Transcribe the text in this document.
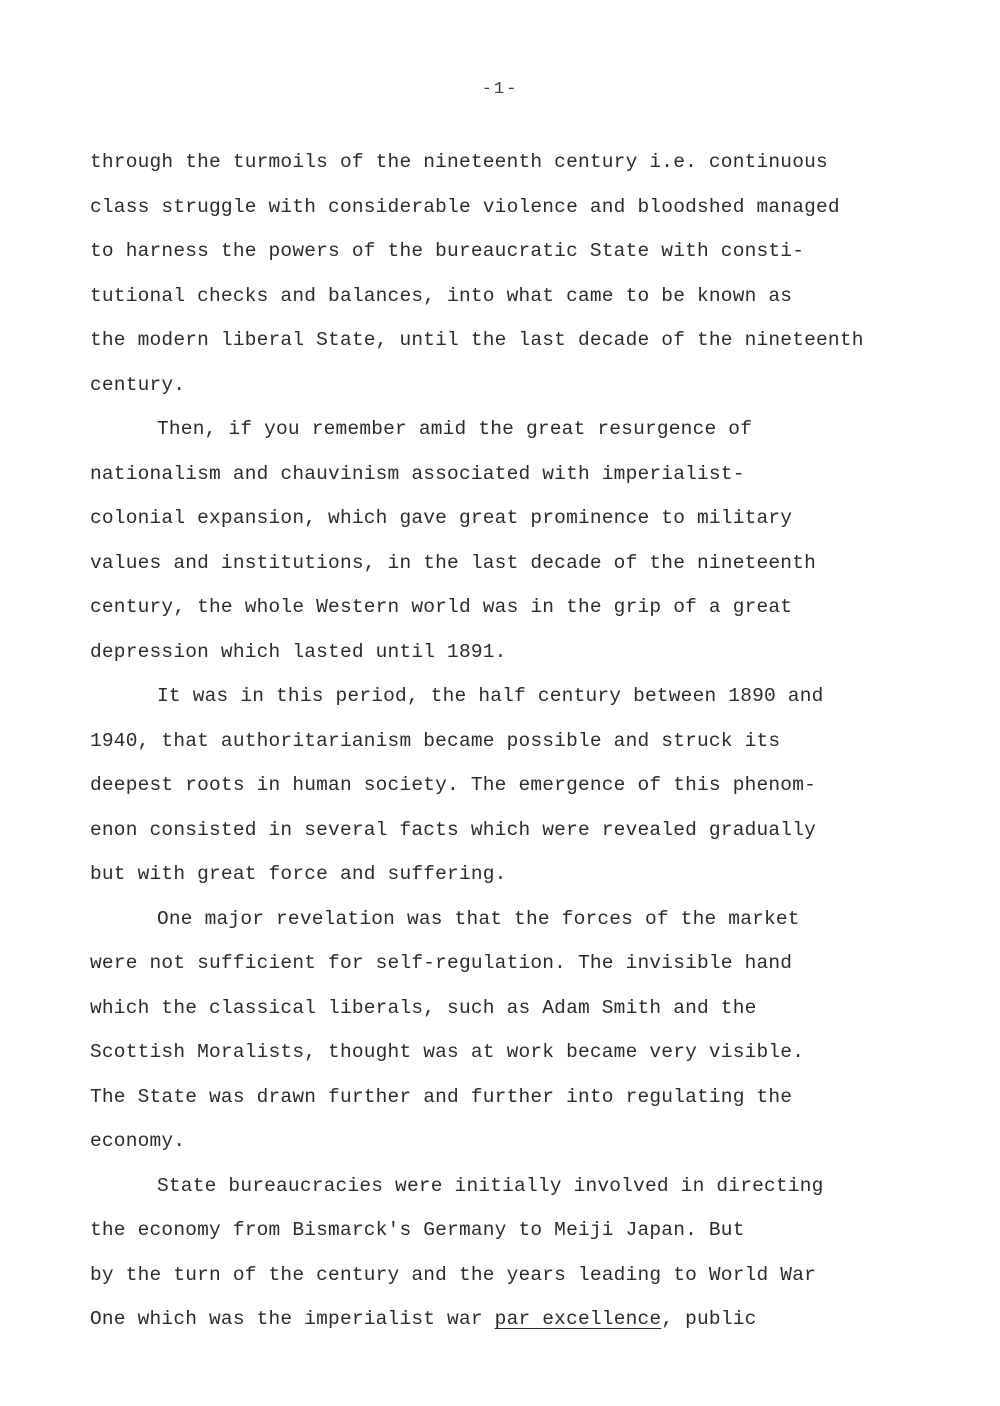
-1-
through the turmoils of the nineteenth century i.e. continuous
class struggle with considerable violence and bloodshed managed
to harness the powers of the bureaucratic State with consti-
tutional checks and balances, into what came to be known as
the modern liberal State, until the last decade of the nineteenth
century.
Then, if you remember amid the great resurgence of
nationalism and chauvinism associated with imperialist-
colonial expansion, which gave great prominence to military
values and institutions, in the last decade of the nineteenth
century, the whole Western world was in the grip of a great
depression which lasted until 1891.
It was in this period, the half century between 1890 and
1940, that authoritarianism became possible and struck its
deepest roots in human society. The emergence of this phenom-
enon consisted in several facts which were revealed gradually
but with great force and suffering.
One major revelation was that the forces of the market
were not sufficient for self-regulation. The invisible hand
which the classical liberals, such as Adam Smith and the
Scottish Moralists, thought was at work became very visible.
The State was drawn further and further into regulating the
economy.
State bureaucracies were initially involved in directing
the economy from Bismarck's Germany to Meiji Japan. But
by the turn of the century and the years leading to World War
One which was the imperialist war par excellence, public
